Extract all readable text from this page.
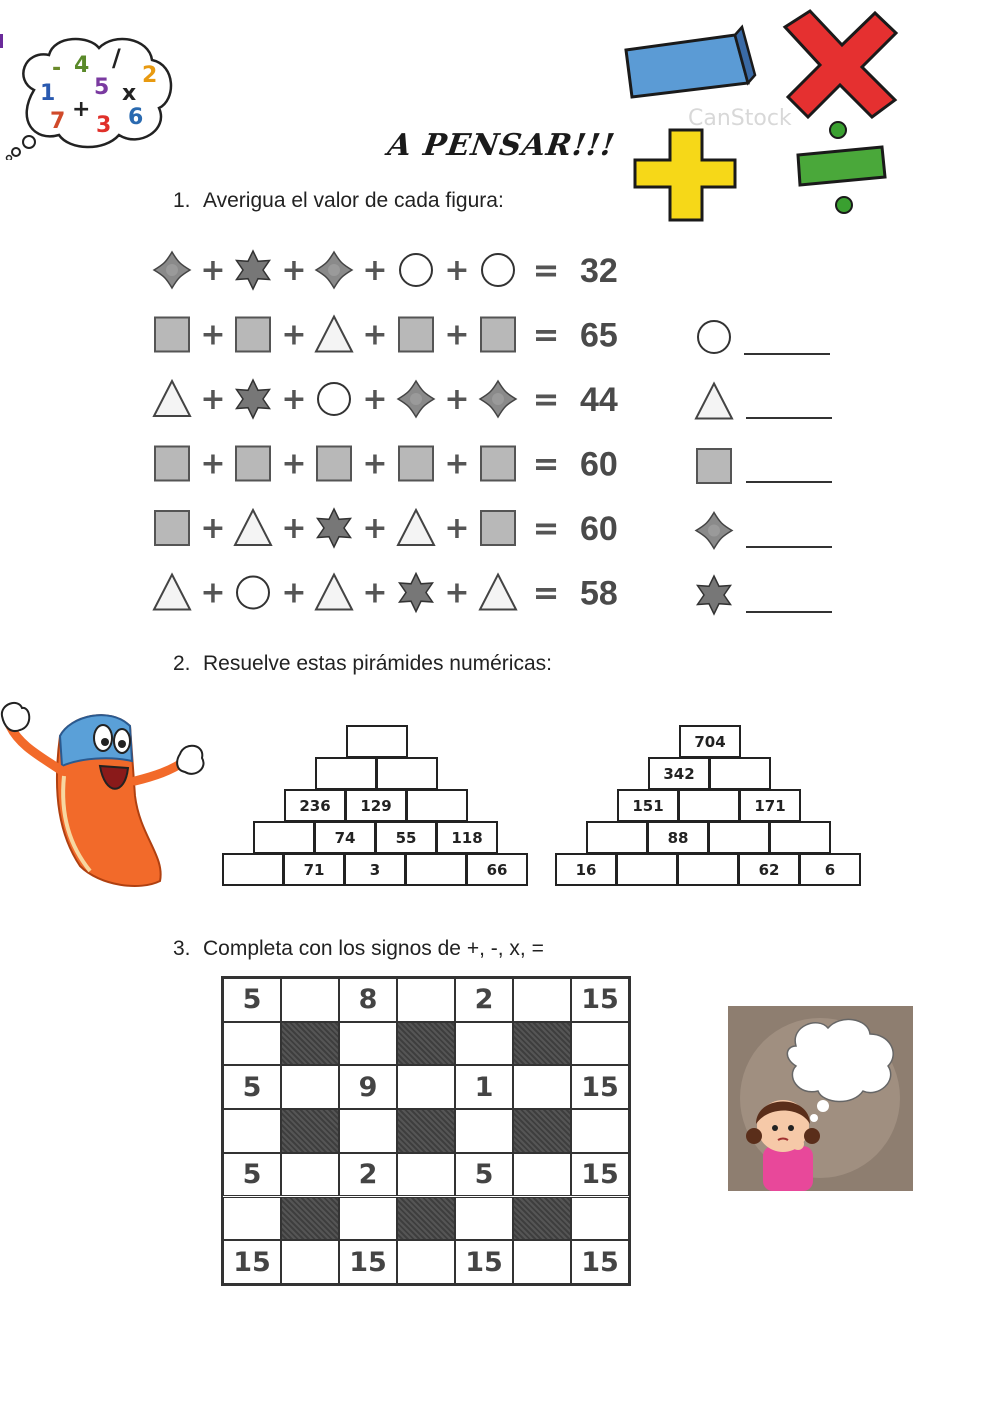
- 4 /
2
1 5 x
7 +
3 6
A PENSAR!!!
CanStock
1. Averigua el valor de cada figura:
+ + + + = 32
+ + + + = 65
+ + + + = 44
+ + + + = 60
+ + + + = 60
+ + + + = 58
2. Resuelve estas pirámides numéricas:
236	129
74	55	118
71	3	66
704
342
151	171
88
16	62	6
3. Completa con los signos de +, -, x, =
5	8	2	15
5	9	1	15
5	2	5	15
15	15	15	15
